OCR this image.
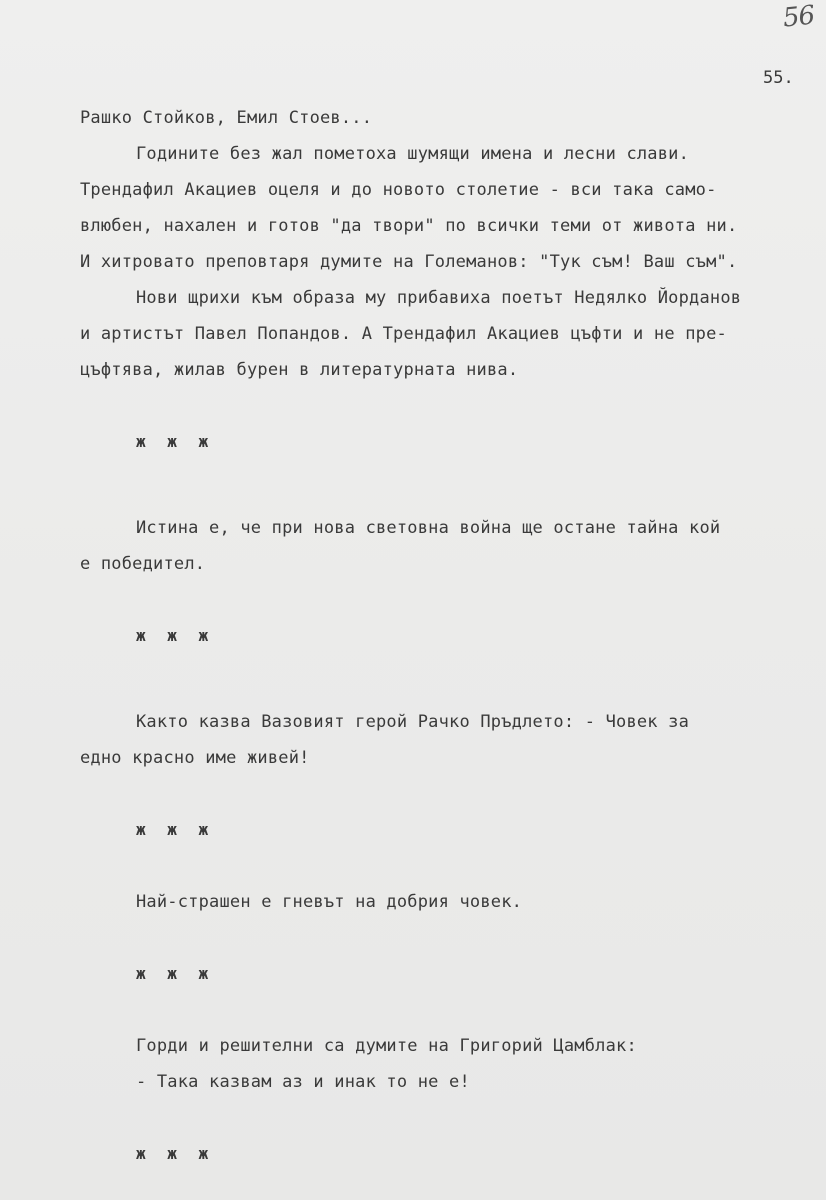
56
55.
Рашко Стойков, Емил Стоев...
Годините без жал пометоха шумящи имена и лесни слави.
Трендафил Акациев оцеля и до новото столетие - вси така само-
влюбен, нахален и готов "да твори" по всички теми от живота ни.
И хитровато преповтаря думите на Големанов: "Тук съм! Ваш съм".
Нови щрихи към образа му прибавиха поетът Недялко Йорданов
и артистът Павел Попандов. А Трендафил Акациев цъфти и не пре-
цъфтява, жилав бурен в литературната нива.
ж ж ж
Истина е, че при нова световна война ще остане тайна кой
е победител.
ж ж ж
Както казва Вазовият герой Рачко Пръдлето: - Човек за
едно красно име живей!
ж ж ж
Най-страшен е гневът на добрия човек.
ж ж ж
Горди и решителни са думите на Григорий Цамблак:
- Така казвам аз и инак то не е!
ж ж ж
